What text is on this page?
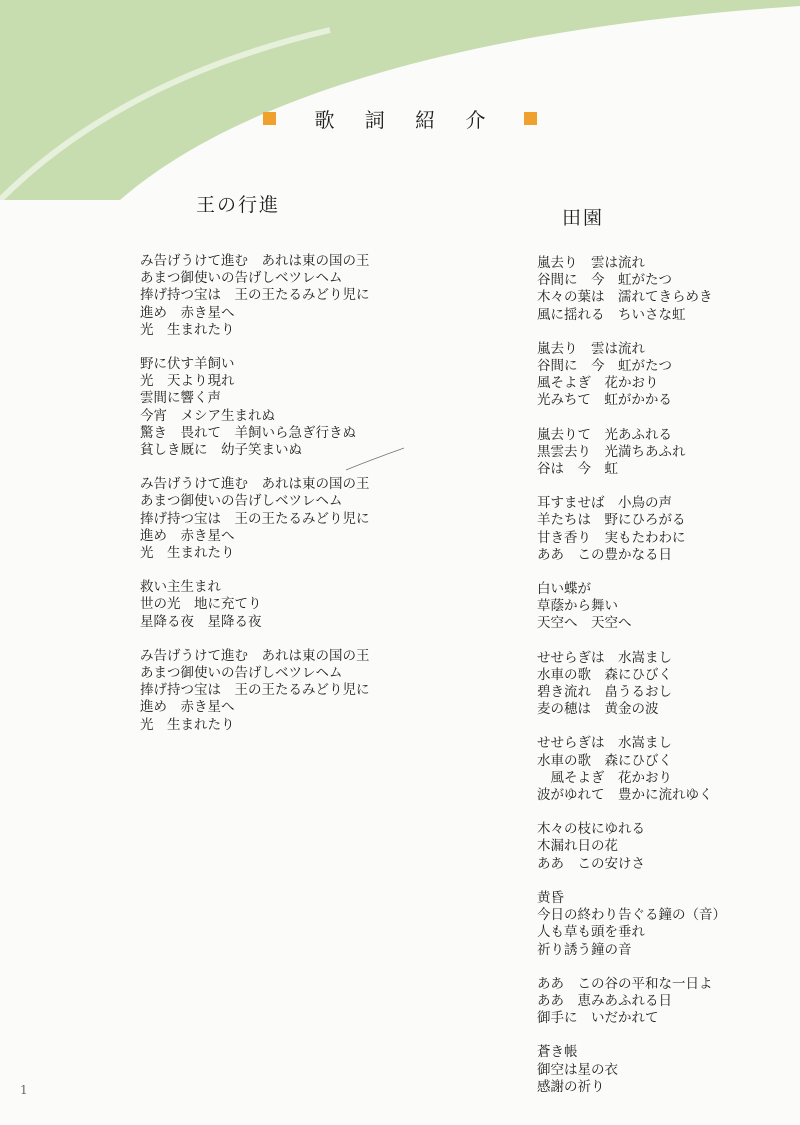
歌 詞 紹 介
王の行進
田園
み告げうけて進む　あれは東の国の王
あまつ御使いの告げしベツレヘム
捧げ持つ宝は　王の王たるみどり児に
進め　赤き星へ
光　生まれたり
野に伏す羊飼い
光　天より現れ
雲間に響く声
今宵　メシア生まれぬ
驚き　畏れて　羊飼いら急ぎ行きぬ
貧しき厩に　幼子笑まいぬ
み告げうけて進む　あれは東の国の王
あまつ御使いの告げしベツレヘム
捧げ持つ宝は　王の王たるみどり児に
進め　赤き星へ
光　生まれたり
救い主生まれ
世の光　地に充てり
星降る夜　星降る夜
み告げうけて進む　あれは東の国の王
あまつ御使いの告げしベツレヘム
捧げ持つ宝は　王の王たるみどり児に
進め　赤き星へ
光　生まれたり
嵐去り　雲は流れ
谷間に　今　虹がたつ
木々の葉は　濡れてきらめき
風に揺れる　ちいさな虹
嵐去り　雲は流れ
谷間に　今　虹がたつ
風そよぎ　花かおり
光みちて　虹がかかる
嵐去りて　光あふれる
黒雲去り　光満ちあふれ
谷は　今　虹
耳すませば　小鳥の声
羊たちは　野にひろがる
甘き香り　実もたわわに
ああ　この豊かなる日
白い蝶が
草蔭から舞い
天空へ　天空へ
せせらぎは　水嵩まし
水車の歌　森にひびく
碧き流れ　畠うるおし
麦の穂は　黄金の波
せせらぎは　水嵩まし
水車の歌　森にひびく
　風そよぎ　花かおり
波がゆれて　豊かに流れゆく
木々の枝にゆれる
木漏れ日の花
ああ　この安けさ
黄昏
今日の終わり告ぐる鐘の（音）
人も草も頭を垂れ
祈り誘う鐘の音
ああ　この谷の平和な一日よ
ああ　恵みあふれる日
御手に　いだかれて
蒼き帳
御空は星の衣
感謝の祈り
1
